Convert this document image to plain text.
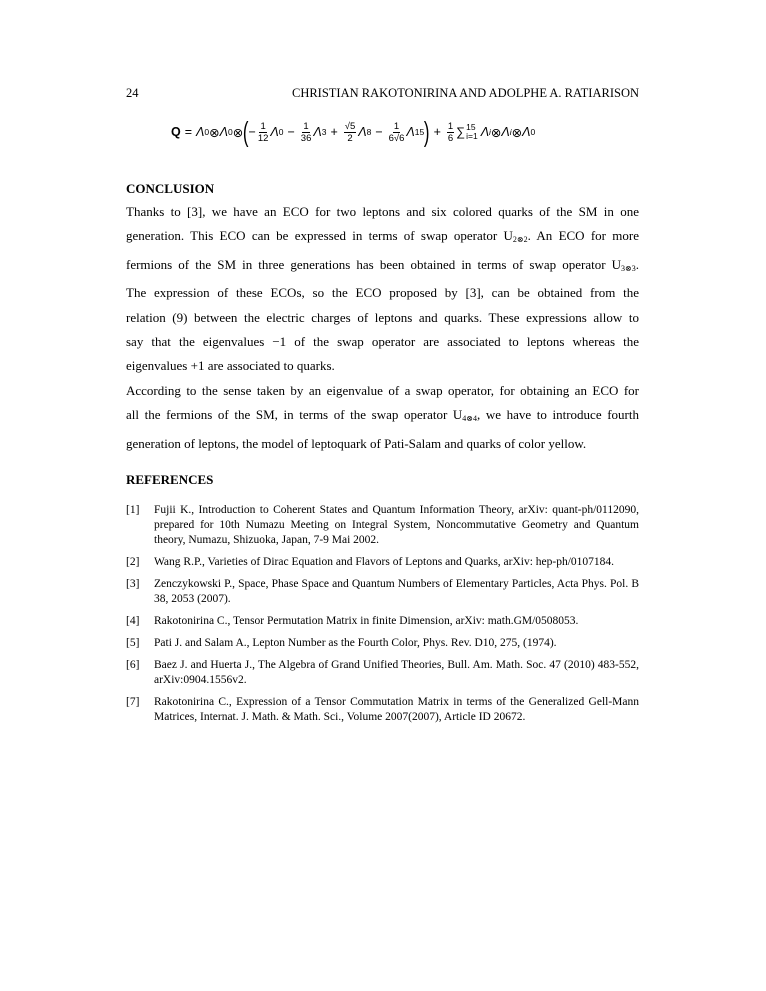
24	CHRISTIAN RAKOTONIRINA AND ADOLPHE A. RATIARISON
Q = Λ 0 ⊗ Λ 0 ⊗ ( − $\frac{1}{12}$ Λ $0 - \frac{1}{36}$ Λ $3 + \frac{√5}{2}$ Λ $8 - \frac{1}{6√6}$ Λ 15 ) + $\frac{1}{6}$ ∑ 15
i=1 Λ i ⊗ Λ i ⊗ Λ 0
CONCLUSION

Thanks to [3], we have an ECO for two leptons and six colored quarks of the SM in one
generation. This ECO can be expressed in terms of swap operator U2⊗2. An ECO for more
fermions of the SM in three generations has been obtained in terms of swap operator U3⊗3.
The expression of these ECOs, so the ECO proposed by [3], can be obtained from the
relation (9) between the electric charges of leptons and quarks. These expressions allow to
say that the eigenvalues −1 of the swap operator are associated to leptons whereas the
eigenvalues +1 are associated to quarks.

According to the sense taken by an eigenvalue of a swap operator, for obtaining an ECO for
all the fermions of the SM, in terms of the swap operator U4⊗4, we have to introduce fourth
generation of leptons, the model of leptoquark of Pati-Salam and quarks of color yellow.

REFERENCES
[1]	Fujii K., Introduction to Coherent States and Quantum Information Theory, arXiv: quant-ph/0112090, prepared for 10th Numazu Meeting on Integral System, Noncommutative Geometry and Quantum theory, Numazu, Shizuoka, Japan, 7-9 Mai 2002.
[2]	Wang R.P., Varieties of Dirac Equation and Flavors of Leptons and Quarks, arXiv: hep-ph/0107184.
[3]	Zenczykowski P., Space, Phase Space and Quantum Numbers of Elementary Particles, Acta Phys. Pol. B 38, 2053 (2007).
[4]	Rakotonirina C., Tensor Permutation Matrix in finite Dimension, arXiv: math.GM/0508053.
[5]	Pati J. and Salam A., Lepton Number as the Fourth Color, Phys. Rev. D10, 275, (1974).
[6]	Baez J. and Huerta J., The Algebra of Grand Unified Theories, Bull. Am. Math. Soc. 47 (2010) 483-552, arXiv:0904.1556v2.
[7]	Rakotonirina C., Expression of a Tensor Commutation Matrix in terms of the Generalized Gell-Mann Matrices, Internat. J. Math. & Math. Sci., Volume 2007(2007), Article ID 20672.
